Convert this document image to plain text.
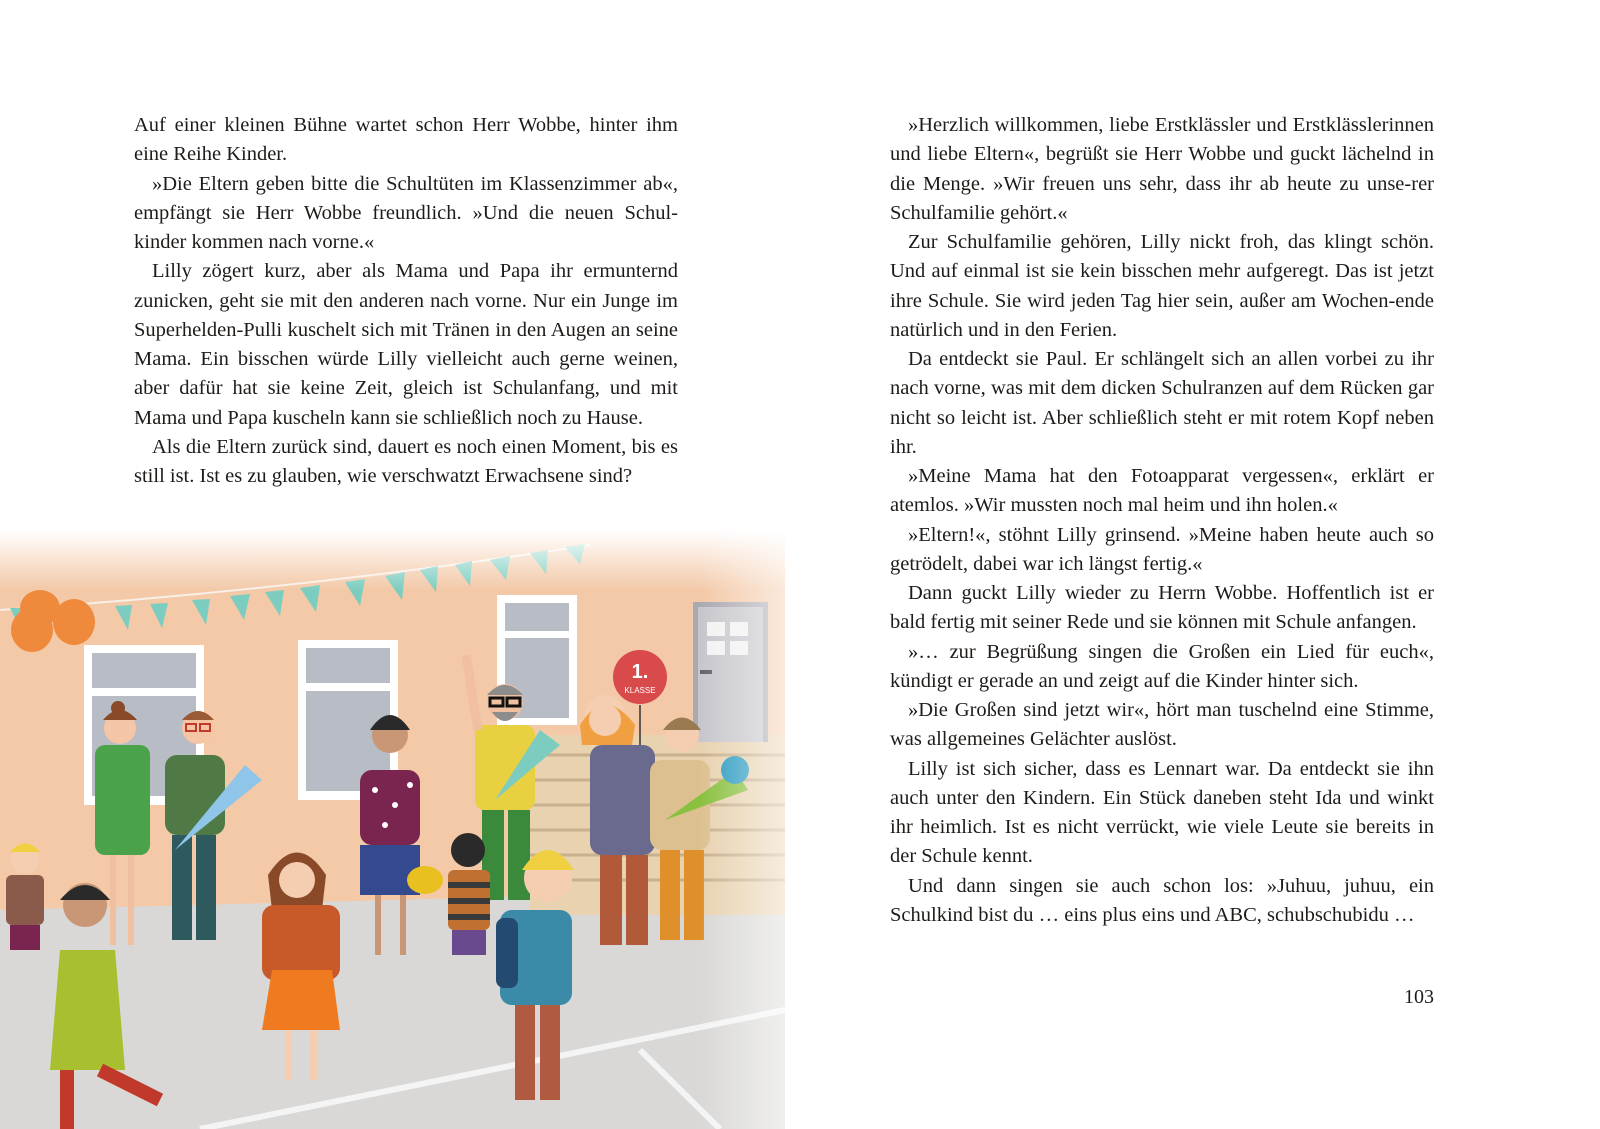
Auf einer kleinen Bühne wartet schon Herr Wobbe, hinter ihm eine Reihe Kinder.

»Die Eltern geben bitte die Schultüten im Klassenzimmer ab«, empfängt sie Herr Wobbe freundlich. »Und die neuen Schul-kinder kommen nach vorne.«

Lilly zögert kurz, aber als Mama und Papa ihr ermunternd zunicken, geht sie mit den anderen nach vorne. Nur ein Junge im Superhelden-Pulli kuschelt sich mit Tränen in den Augen an seine Mama. Ein bisschen würde Lilly vielleicht auch gerne weinen, aber dafür hat sie keine Zeit, gleich ist Schulanfang, und mit Mama und Papa kuscheln kann sie schließlich noch zu Hause.

Als die Eltern zurück sind, dauert es noch einen Moment, bis es still ist. Ist es zu glauben, wie verschwatzt Erwachsene sind?

1.
KLASSE

»Herzlich willkommen, liebe Erstklässler und Erstklässlerinnen und liebe Eltern«, begrüßt sie Herr Wobbe und guckt lächelnd in die Menge. »Wir freuen uns sehr, dass ihr ab heute zu unse-rer Schulfamilie gehört.«

Zur Schulfamilie gehören, Lilly nickt froh, das klingt schön. Und auf einmal ist sie kein bisschen mehr aufgeregt. Das ist jetzt ihre Schule. Sie wird jeden Tag hier sein, außer am Wochen-ende natürlich und in den Ferien.

Da entdeckt sie Paul. Er schlängelt sich an allen vorbei zu ihr nach vorne, was mit dem dicken Schulranzen auf dem Rücken gar nicht so leicht ist. Aber schließlich steht er mit rotem Kopf neben ihr.

»Meine Mama hat den Fotoapparat vergessen«, erklärt er atemlos. »Wir mussten noch mal heim und ihn holen.«

»Eltern!«, stöhnt Lilly grinsend. »Meine haben heute auch so getrödelt, dabei war ich längst fertig.«

Dann guckt Lilly wieder zu Herrn Wobbe. Hoffentlich ist er bald fertig mit seiner Rede und sie können mit Schule anfangen.

»… zur Begrüßung singen die Großen ein Lied für euch«, kündigt er gerade an und zeigt auf die Kinder hinter sich.

»Die Großen sind jetzt wir«, hört man tuschelnd eine Stimme, was allgemeines Gelächter auslöst.

Lilly ist sich sicher, dass es Lennart war. Da entdeckt sie ihn auch unter den Kindern. Ein Stück daneben steht Ida und winkt ihr heimlich. Ist es nicht verrückt, wie viele Leute sie bereits in der Schule kennt.

Und dann singen sie auch schon los: »Juhuu, juhuu, ein Schulkind bist du … eins plus eins und ABC, schubschubidu …

103
